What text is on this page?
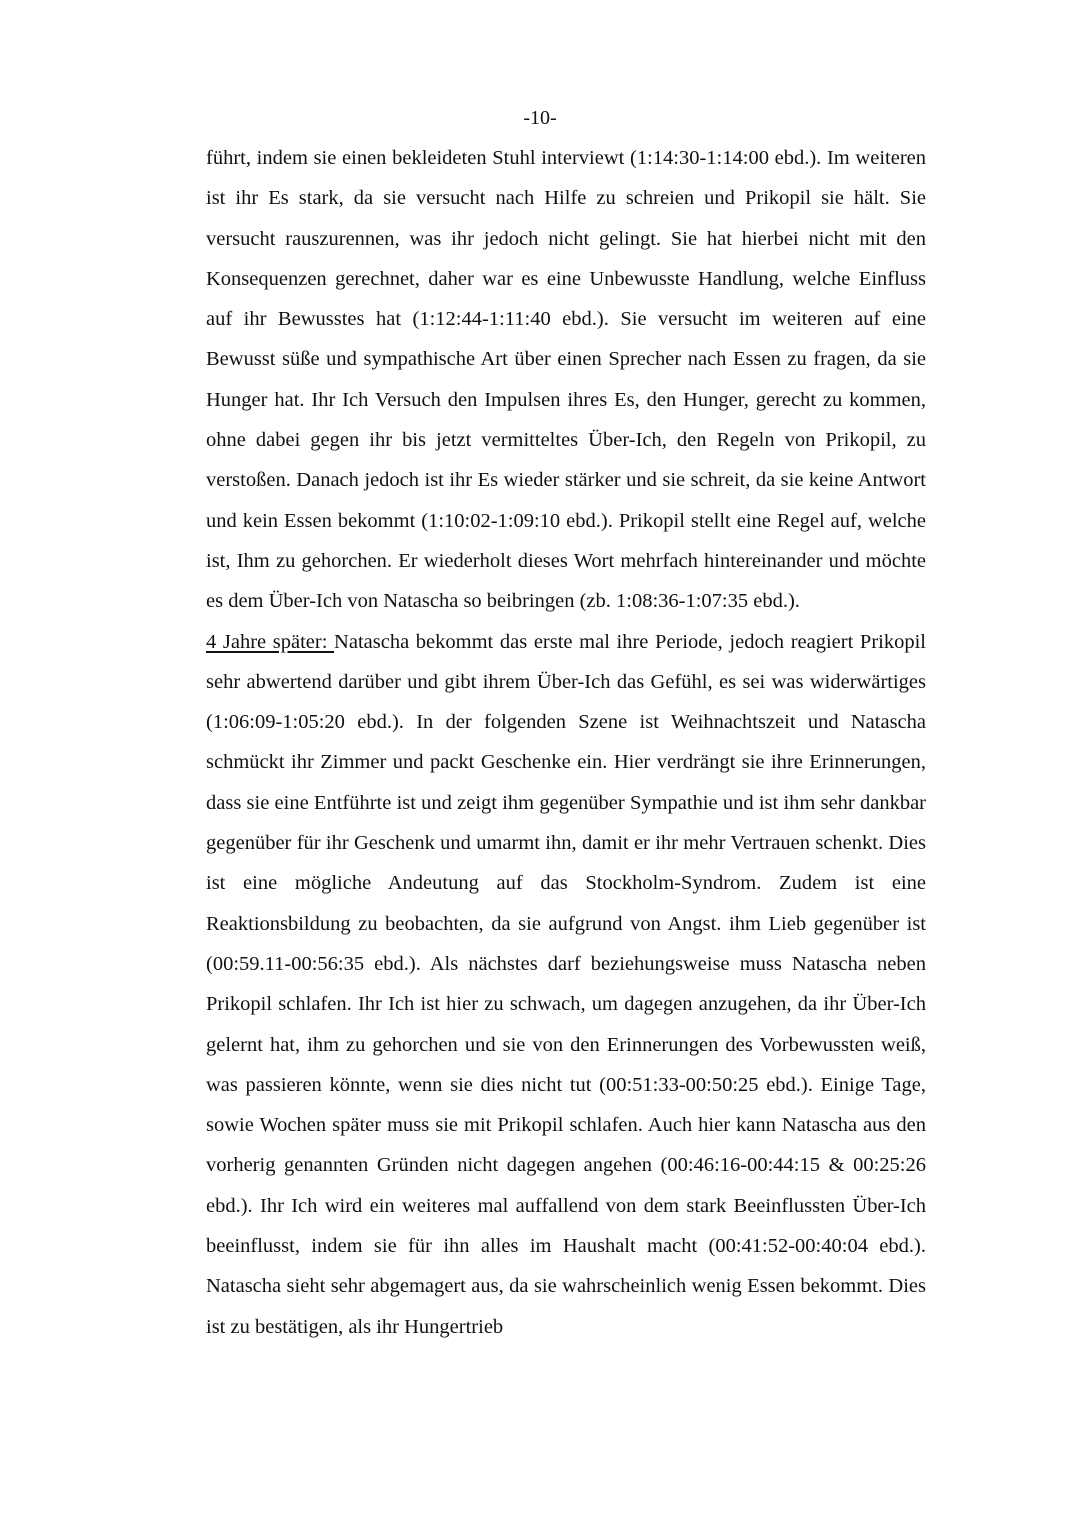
-10-

führt, indem sie einen bekleideten Stuhl interviewt (1:14:30-1:14:00 ebd.). Im weiteren ist ihr Es stark, da sie versucht nach Hilfe zu schreien und Prikopil sie hält. Sie versucht rauszurennen, was ihr jedoch nicht gelingt. Sie hat hierbei nicht mit den Konsequenzen gerechnet, daher war es eine Unbewusste Handlung, welche Einfluss auf ihr Bewusstes hat (1:12:44-1:11:40 ebd.). Sie versucht im weiteren auf eine Bewusst süße und sympathische Art über einen Sprecher nach Essen zu fragen, da sie Hunger hat. Ihr Ich Versuch den Impulsen ihres Es, den Hunger, gerecht zu kommen, ohne dabei gegen ihr bis jetzt vermitteltes Über-Ich, den Regeln von Prikopil, zu verstoßen. Danach jedoch ist ihr Es wieder stärker und sie schreit, da sie keine Antwort und kein Essen bekommt (1:10:02-1:09:10 ebd.). Prikopil stellt eine Regel auf, welche ist, Ihm zu gehorchen. Er wiederholt dieses Wort mehrfach hintereinander und möchte es dem Über-Ich von Natascha so beibringen (zb. 1:08:36-1:07:35 ebd.).

4 Jahre später: Natascha bekommt das erste mal ihre Periode, jedoch reagiert Prikopil sehr abwertend darüber und gibt ihrem Über-Ich das Gefühl, es sei was widerwärtiges (1:06:09-1:05:20 ebd.). In der folgenden Szene ist Weihnachtszeit und Natascha schmückt ihr Zimmer und packt Geschenke ein. Hier verdrängt sie ihre Erinnerungen, dass sie eine Entführte ist und zeigt ihm gegenüber Sympathie und ist ihm sehr dankbar gegenüber für ihr Geschenk und umarmt ihn, damit er ihr mehr Vertrauen schenkt. Dies ist eine mögliche Andeutung auf das Stockholm-Syndrom. Zudem ist eine Reaktionsbildung zu beobachten, da sie aufgrund von Angst. ihm Lieb gegenüber ist (00:59.11-00:56:35 ebd.). Als nächstes darf beziehungsweise muss Natascha neben Prikopil schlafen. Ihr Ich ist hier zu schwach, um dagegen anzugehen, da ihr Über-Ich gelernt hat, ihm zu gehorchen und sie von den Erinnerungen des Vorbewussten weiß, was passieren könnte, wenn sie dies nicht tut (00:51:33-00:50:25 ebd.). Einige Tage, sowie Wochen später muss sie mit Prikopil schlafen. Auch hier kann Natascha aus den vorherig genannten Gründen nicht dagegen angehen (00:46:16-00:44:15 & 00:25:26 ebd.). Ihr Ich wird ein weiteres mal auffallend von dem stark Beeinflussten Über-Ich beeinflusst, indem sie für ihn alles im Haushalt macht (00:41:52-00:40:04 ebd.). Natascha sieht sehr abgemagert aus, da sie wahrscheinlich wenig Essen bekommt. Dies ist zu bestätigen, als ihr Hungertrieb
